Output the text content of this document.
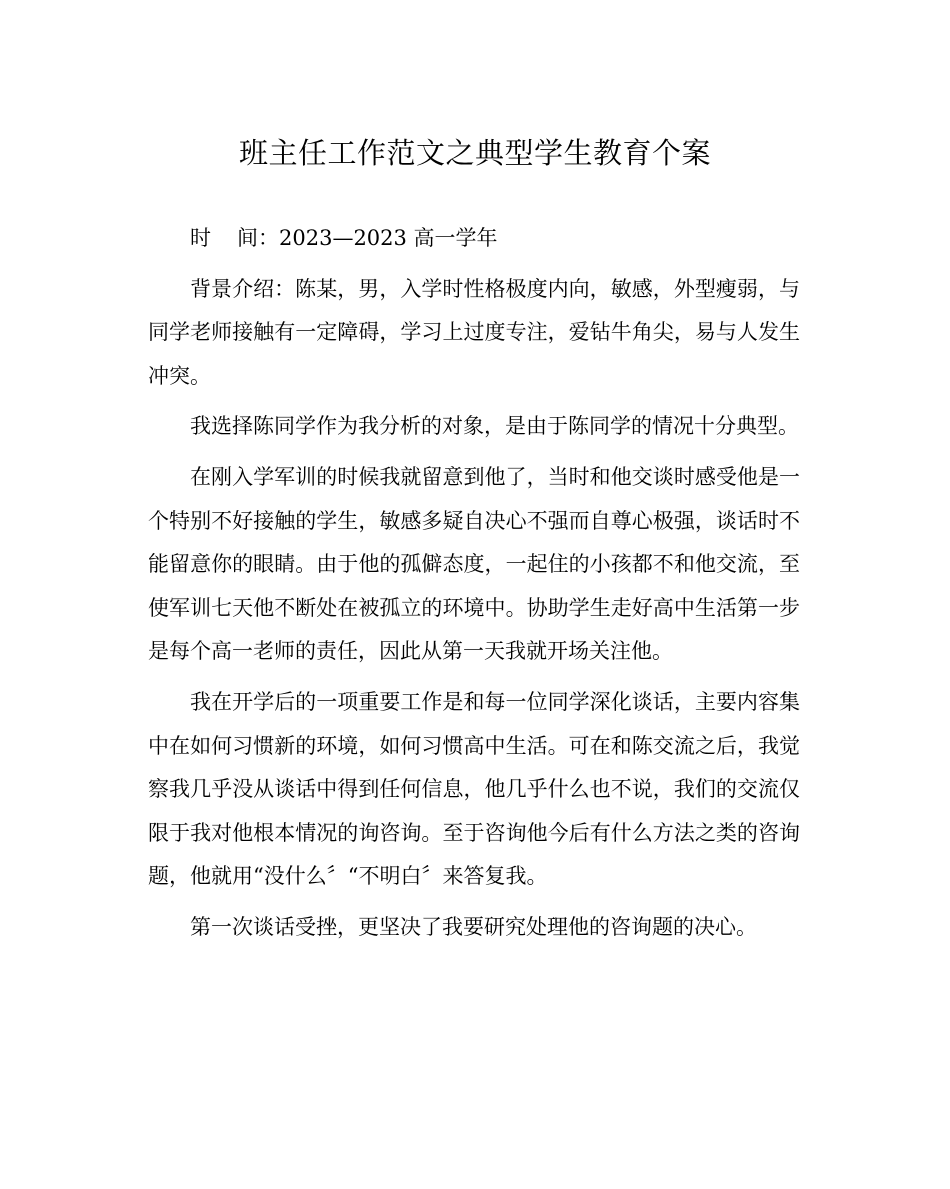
班主任工作范文之典型学生教育个案

时 间：2023—2023 高一学年

背景介绍：陈某，男，入学时性格极度内向，敏感，外型瘦弱，与同学老师接触有一定障碍，学习上过度专注，爱钻牛角尖，易与人发生冲突。

我选择陈同学作为我分析的对象，是由于陈同学的情况十分典型。

在刚入学军训的时候我就留意到他了，当时和他交谈时感受他是一个特别不好接触的学生，敏感多疑自决心不强而自尊心极强，谈话时不能留意你的眼睛。由于他的孤僻态度，一起住的小孩都不和他交流，至使军训七天他不断处在被孤立的环境中。协助学生走好高中生活第一步是每个高一老师的责任，因此从第一天我就开场关注他。

我在开学后的一项重要工作是和每一位同学深化谈话，主要内容集中在如何习惯新的环境，如何习惯高中生活。可在和陈交流之后，我觉察我几乎没从谈话中得到任何信息，他几乎什么也不说，我们的交流仅限于我对他根本情况的询咨询。至于咨询他今后有什么方法之类的咨询题，他就用“没什么〞“不明白〞来答复我。

第一次谈话受挫，更坚决了我要研究处理他的咨询题的决心。
